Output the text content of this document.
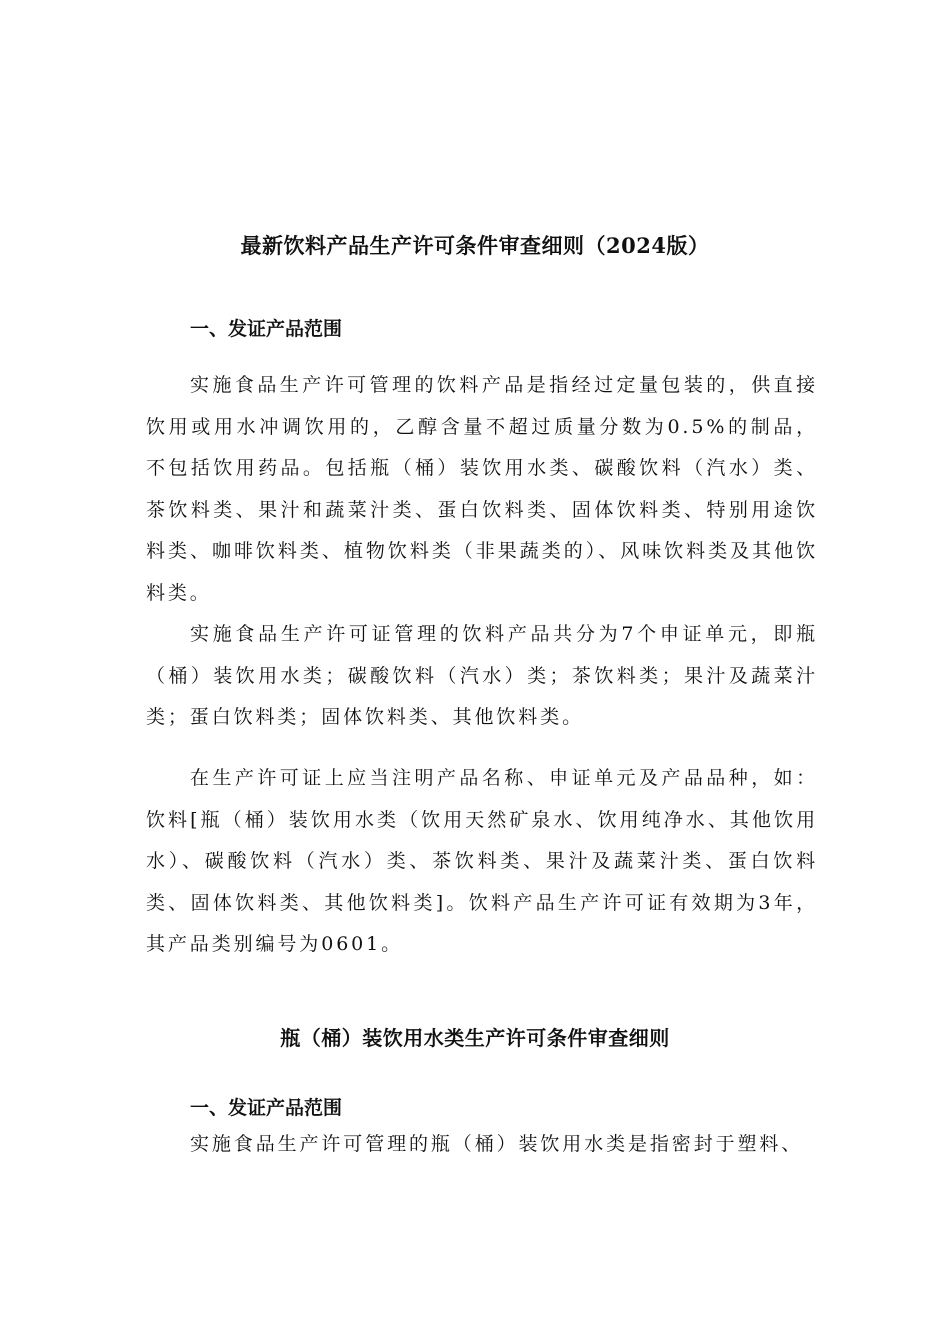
最新饮料产品生产许可条件审查细则（2024版）
一、发证产品范围

实施食品生产许可管理的饮料产品是指经过定量包装的，供直接饮用或用水冲调饮用的，乙醇含量不超过质量分数为0.5%的制品，不包括饮用药品。包括瓶（桶）装饮用水类、碳酸饮料（汽水）类、茶饮料类、果汁和蔬菜汁类、蛋白饮料类、固体饮料类、特别用途饮料类、咖啡饮料类、植物饮料类（非果蔬类的）、风味饮料类及其他饮料类。

实施食品生产许可证管理的饮料产品共分为7个申证单元，即瓶（桶）装饮用水类；碳酸饮料（汽水）类；茶饮料类；果汁及蔬菜汁类；蛋白饮料类；固体饮料类、其他饮料类。

在生产许可证上应当注明产品名称、申证单元及产品品种，如：饮料[瓶（桶）装饮用水类（饮用天然矿泉水、饮用纯净水、其他饮用水）、碳酸饮料（汽水）类、茶饮料类、果汁及蔬菜汁类、蛋白饮料类、固体饮料类、其他饮料类]。饮料产品生产许可证有效期为3年，其产品类别编号为0601。

瓶（桶）装饮用水类生产许可条件审查细则
一、发证产品范围

实施食品生产许可管理的瓶（桶）装饮用水类是指密封于塑料、
